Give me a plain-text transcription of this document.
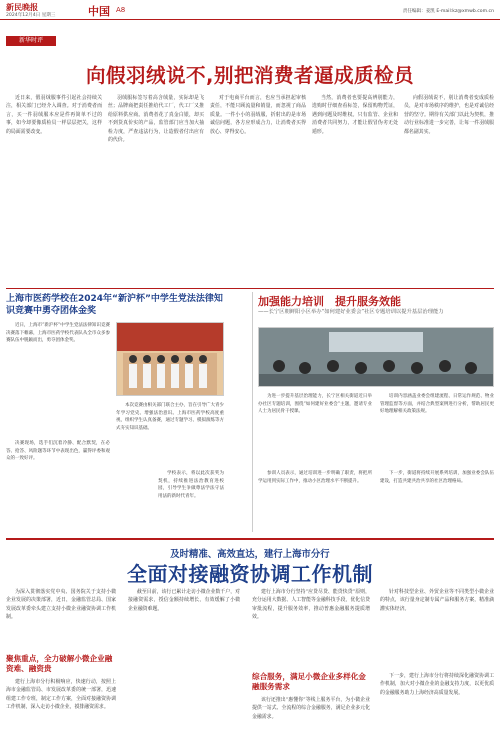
新民晚报
2024年12月4日 星期三	中国 A8	责任编辑：姜凯 E-mail:kz@xmwb.com.cn
新华时评
向假羽绒说不,别把消费者逼成质检员
近日来，假羽绒服事件引起社会持续关注，相关部门已经介入调查。对于消费者而言，买一件羽绒服本应是件再简单不过的事，如今却要像质检员一样层层把关，这样的局面需要改变。
羽绒服标签写着高含绒量，实际却是飞丝；品牌商把责任推给代工厂，代工厂又推给原料供应商。消费者花了真金白银，却买不到货真价实的产品，监管部门应当加大抽检力度，严查违法行为，让造假者付出应有的代价。
对于电商平台而言，也应当承担起审核责任，不能只顾流量和销量，而忽视了商品质量。一件小小的羽绒服，折射出的是市场诚信问题，各方应形成合力，让消费者买得放心、穿得安心。
当然，消费者也要提高辨别能力，选购时仔细查看标签，保留购物凭证，遇到问题及时维权。只有监管、企业和消费者共同努力，才能让假冒伪劣无处遁形。
向假羽绒说不，别让消费者变成质检员，是对市场秩序的维护，也是对诚信经营的坚守。期待有关部门以此为契机，推动行业标准进一步完善，让每一件羽绒服都名副其实。
上海市医药学校在2024年“新沪杯”中学生党法法律知识竞赛中勇夺团体金奖
近日，上海市“新沪杯”中学生党法法律知识竞赛决赛落下帷幕，上海市医药学校代表队从全市众多参赛队伍中脱颖而出，勇夺团体金奖。
本次竞赛由相关部门联合主办，旨在引导广大青少年学习党史、增强法治意识。上海市医药学校高度重视，组织学生认真备赛，通过专题学习、模拟演练等方式夯实知识基础。
决赛现场，选手们沉着冷静、配合默契，在必答、抢答、风险题等环节中表现出色，赢得评委和观众的一致好评。
学校表示，将以此次获奖为契机，持续推进法治教育进校园，引导学生争做尊法学法守法用法的新时代青年。
加强能力培训　提升服务效能
——长宁区朝鲜阳小区举办“如何建好业委会”社区专题培训以提升基层治理能力
为进一步提升基层治理能力，长宁区相关街道近日举办社区专题培训，围绕“如何建好业委会”主题，邀请专业人士为居民骨干授课。
培训内容涵盖业委会组建流程、日常运作规范、物业管理监督等方面，并结合典型案例进行分析，帮助居民更好地理解相关政策法规。
参训人员表示，通过培训进一步明确了职责，将把所学运用到实际工作中，推动小区治理水平不断提升。
下一步，街道将持续开展系列培训，加强业委会队伍建设，打造共建共治共享的社区治理格局。
及时精准、高效直达，建行上海市分行
全面对接融资协调工作机制
为深入贯彻落实党中央、国务院关于支持小微企业发展的决策部署，近日，金融监管总局、国家发展改革委牵头建立支持小微企业融资协调工作机制。
聚焦重点，全力破解小微企业融资难、融资贵
建行上海市分行积极响应，快速行动，按照上海市金融监管局、市发展改革委的统一部署，迅速组建工作专班，制定工作方案，全面对接融资协调工作机制，深入走访小微企业，摸排融资需求。
截至目前，该行已累计走访小微企业数千户，对接融资需求，授信金额持续增长，有效缓解了小微企业融资难题。
建行上海市分行坚持“应贷尽贷、能贷快贷”原则，充分运用大数据、人工智能等金融科技手段，优化信贷审批流程，提升服务效率，推动普惠金融服务提质增效。
综合服务，满足小微企业多样化金融服务需求
该行还推出“惠懂你”等线上服务平台，为小微企业提供一站式、全流程的综合金融服务，满足企业多元化金融需求。
针对科技型企业、外贸企业等不同类型小微企业的特点，该行量身定制专属产品和服务方案，精准滴灌实体经济。
下一步，建行上海市分行将持续深化融资协调工作机制，加大对小微企业的金融支持力度，以更优质的金融服务助力上海经济高质量发展。
